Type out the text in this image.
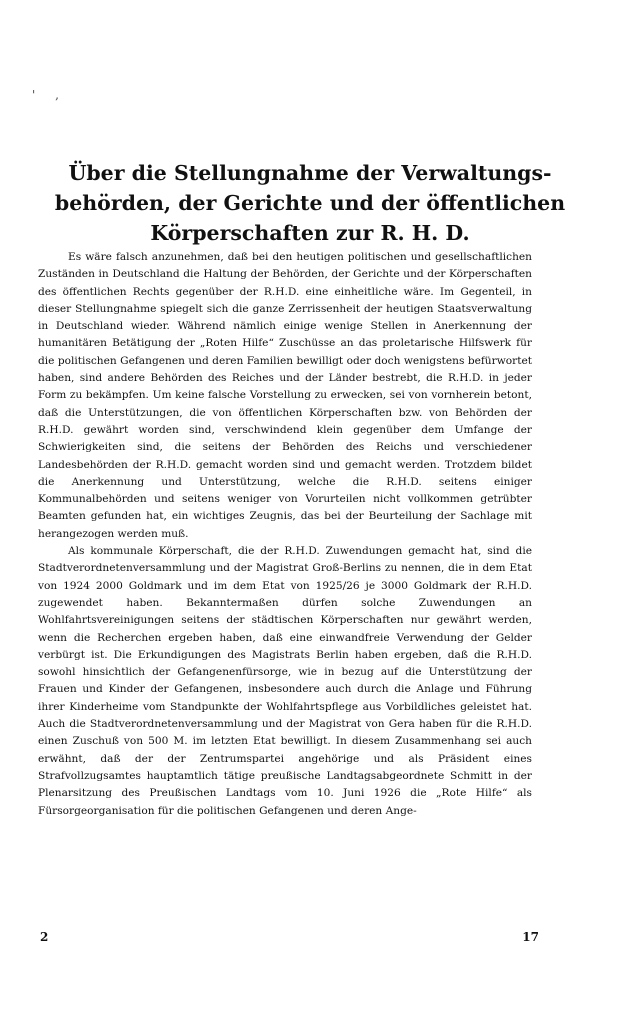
' ,
Über die Stellungnahme der Verwaltungs-
behörden, der Gerichte und der öffentlichen
Körperschaften zur R. H. D.

Es wäre falsch anzunehmen, daß bei den heutigen politischen und gesellschaftlichen Zuständen in Deutschland die Haltung der Behörden, der Gerichte und der Körperschaften des öffentlichen Rechts gegenüber der R.H.D. eine einheitliche wäre. Im Gegenteil, in dieser Stellungnahme spiegelt sich die ganze Zerrissenheit der heutigen Staatsverwaltung in Deutschland wieder. Während nämlich einige wenige Stellen in Anerkennung der humanitären Betätigung der „Roten Hilfe“ Zuschüsse an das proletarische Hilfswerk für die politischen Gefangenen und deren Familien bewilligt oder doch wenigstens befürwortet haben, sind andere Behörden des Reiches und der Länder bestrebt, die R.H.D. in jeder Form zu bekämpfen. Um keine falsche Vorstellung zu erwecken, sei von vornherein betont, daß die Unterstützungen, die von öffentlichen Körperschaften bzw. von Behörden der R.H.D. gewährt worden sind, verschwindend klein gegenüber dem Umfange der Schwierigkeiten sind, die seitens der Behörden des Reichs und verschiedener Landesbehörden der R.H.D. gemacht worden sind und gemacht werden. Trotzdem bildet die Anerkennung und Unterstützung, welche die R.H.D. seitens einiger Kommunalbehörden und seitens weniger von Vorurteilen nicht vollkommen getrübter Beamten gefunden hat, ein wichtiges Zeugnis, das bei der Beurteilung der Sachlage mit herangezogen werden muß.

Als kommunale Körperschaft, die der R.H.D. Zuwendungen gemacht hat, sind die Stadtverordnetenversammlung und der Magistrat Groß-Berlins zu nennen, die in dem Etat von 1924 2000 Goldmark und im dem Etat von 1925/26 je 3000 Goldmark der R.H.D. zugewendet haben. Bekanntermaßen dürfen solche Zuwendungen an Wohlfahrtsvereinigungen seitens der städtischen Körperschaften nur gewährt werden, wenn die Recherchen ergeben haben, daß eine einwandfreie Verwendung der Gelder verbürgt ist. Die Erkundigungen des Magistrats Berlin haben ergeben, daß die R.H.D. sowohl hinsichtlich der Gefangenenfürsorge, wie in bezug auf die Unterstützung der Frauen und Kinder der Gefangenen, insbesondere auch durch die Anlage und Führung ihrer Kinderheime vom Standpunkte der Wohlfahrtspflege aus Vorbildliches geleistet hat. Auch die Stadtverordnetenversammlung und der Magistrat von Gera haben für die R.H.D. einen Zuschuß von 500 M. im letzten Etat bewilligt. In diesem Zusammenhang sei auch erwähnt, daß der der Zentrumspartei angehörige und als Präsident eines Strafvollzugsamtes hauptamtlich tätige preußische Landtagsabgeordnete Schmitt in der Plenarsitzung des Preußischen Landtags vom 10. Juni 1926 die „Rote Hilfe“ als Fürsorgeorganisation für die politischen Gefangenen und deren Ange-

2	17
